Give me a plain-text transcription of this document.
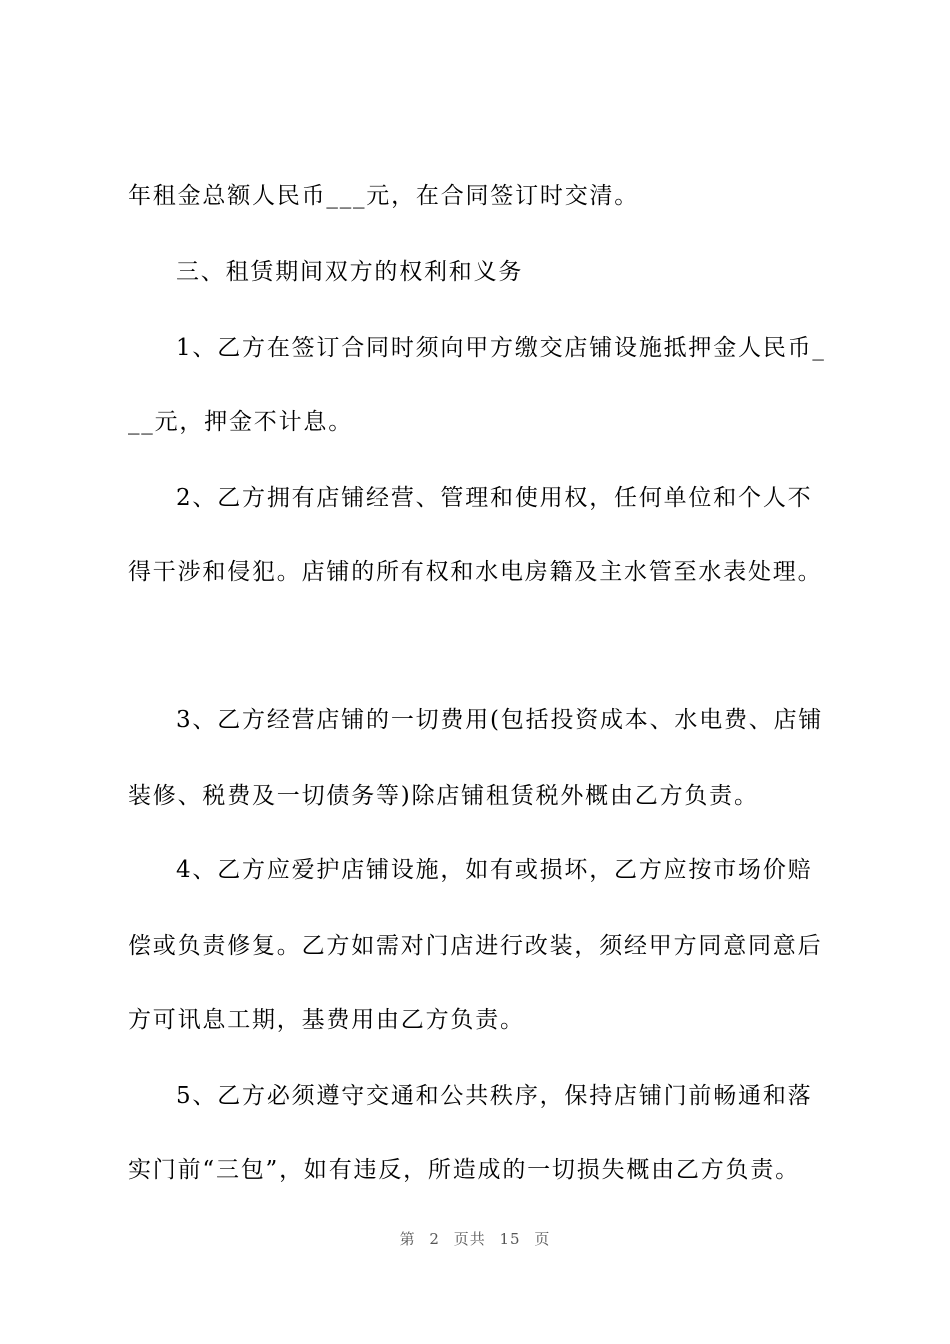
年租金总额人民币___元，在合同签订时交清。
三、租赁期间双方的权利和义务
1、乙方在签订合同时须向甲方缴交店铺设施抵押金人民币_
__元，押金不计息。
2、乙方拥有店铺经营、管理和使用权，任何单位和个人不
得干涉和侵犯。店铺的所有权和水电房籍及主水管至水表处理。
3、乙方经营店铺的一切费用(包括投资成本、水电费、店铺
装修、税费及一切债务等)除店铺租赁税外概由乙方负责。
4、乙方应爱护店铺设施，如有或损坏，乙方应按市场价赔
偿或负责修复。乙方如需对门店进行改装，须经甲方同意同意后
方可讯息工期，基费用由乙方负责。
5、乙方必须遵守交通和公共秩序，保持店铺门前畅通和落
实门前“三包”，如有违反，所造成的一切损失概由乙方负责。
第 2 页共 15 页
